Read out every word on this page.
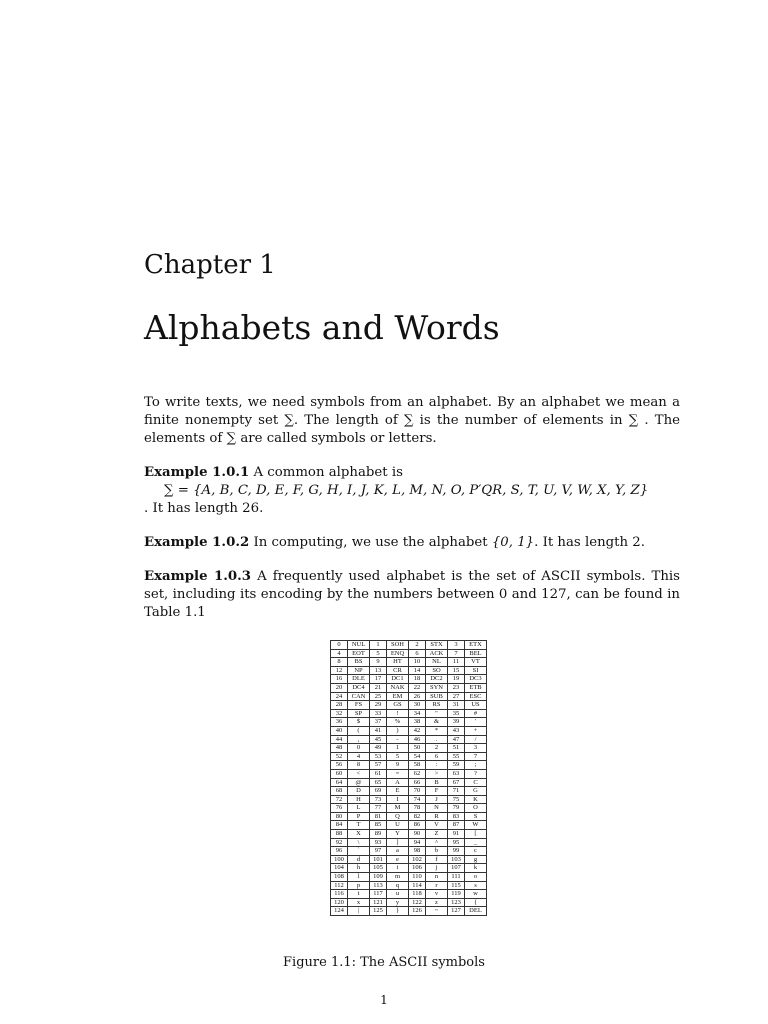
Chapter 1
Alphabets and Words
To write texts, we need symbols from an alphabet. By an alphabet we mean a finite nonempty set ∑. The length of ∑ is the number of elements in ∑ . The elements of ∑ are called symbols or letters.
Example 1.0.1 A common alphabet is
∑ = {A, B, C, D, E, F, G, H, I, J, K, L, M, N, O, P′QR, S, T, U, V, W, X, Y, Z}
. It has length 26.
Example 1.0.2 In computing, we use the alphabet {0, 1}. It has length 2.
Example 1.0.3 A frequently used alphabet is the set of ASCII symbols. This set, including its encoding by the numbers between 0 and 127, can be found in Table 1.1
0	NUL	1	SOH	2	STX	3	ETX
4	EOT	5	ENQ	6	ACK	7	BEL
8	BS	9	HT	10	NL	11	VT
12	NP	13	CR	14	SO	15	SI
16	DLE	17	DC1	18	DC2	19	DC3
20	DC4	21	NAK	22	SYN	23	ETB
24	CAN	25	EM	26	SUB	27	ESC
28	FS	29	GS	30	RS	31	US
32	SP	33	!	34	"	35	#
36	$	37	%	38	&	39	'
40	(	41	)	42	*	43	+
44	,	45	-	46	.	47	/
48	0	49	1	50	2	51	3
52	4	53	5	54	6	55	7
56	8	57	9	58	:	59	;
60	<	61	=	62	>	63	?
64	@	65	A	66	B	67	C
68	D	69	E	70	F	71	G
72	H	73	I	74	J	75	K
76	L	77	M	78	N	79	O
80	P	81	Q	82	R	83	S
84	T	85	U	86	V	87	W
88	X	89	Y	90	Z	91	[
92	\	93	]	94	^	95	_
96	`	97	a	98	b	99	c
100	d	101	e	102	f	103	g
104	h	105	i	106	j	107	k
108	l	109	m	110	n	111	o
112	p	113	q	114	r	115	s
116	t	117	u	118	v	119	w
120	x	121	y	122	z	123	{
124	|	125	}	126	~	127	DEL
Figure 1.1: The ASCII symbols
1
